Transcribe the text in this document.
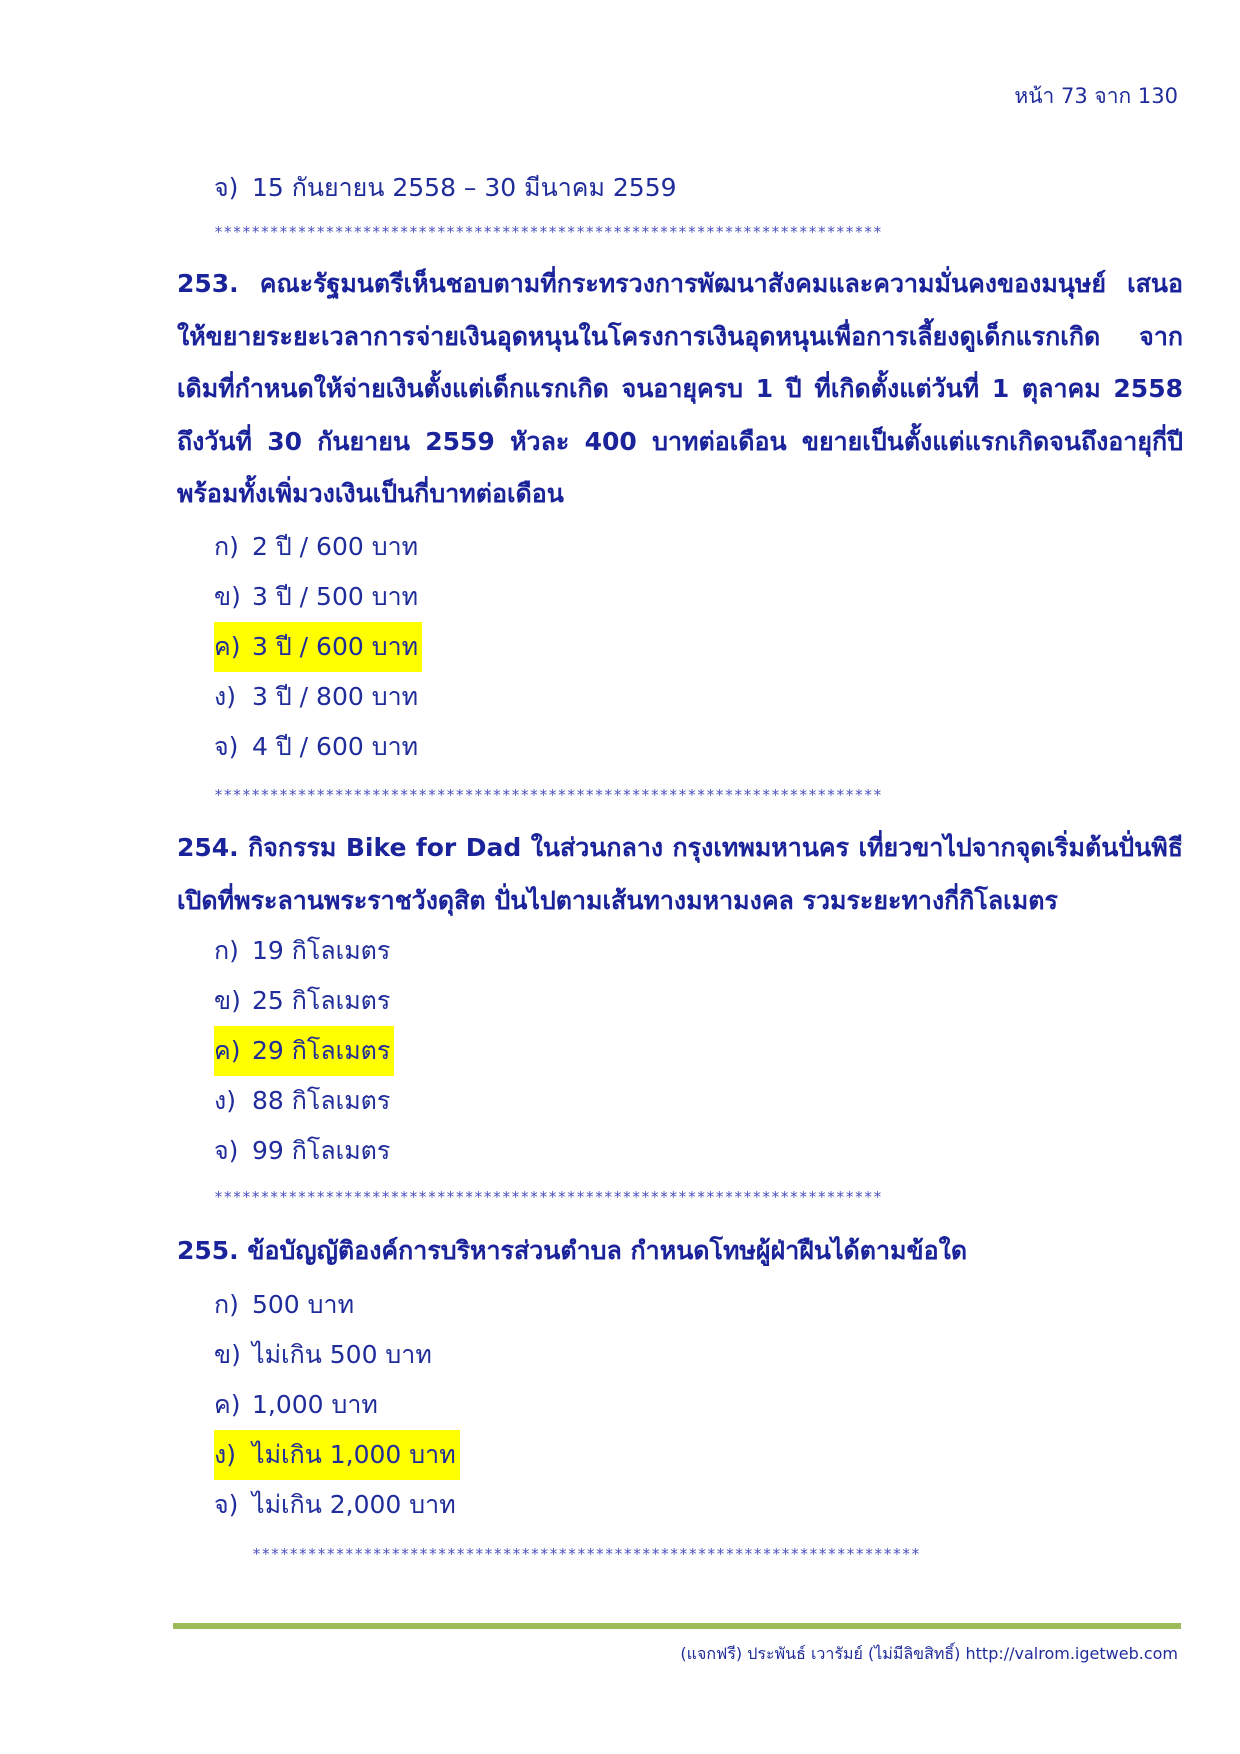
หน้า 73 จาก 130
จ) 15 กันยายน 2558 – 30 มีนาคม 2559
************************************************************************

253. คณะรัฐมนตรีเห็นชอบตามที่กระทรวงการพัฒนาสังคมและความมั่นคงของมนุษย์ เสนอ ให้ขยายระยะเวลาการจ่ายเงินอุดหนุนในโครงการเงินอุดหนุนเพื่อการเลี้ยงดูเด็กแรกเกิด จากเดิมที่กำหนดให้จ่ายเงินตั้งแต่เด็กแรกเกิด จนอายุครบ 1 ปี ที่เกิดตั้งแต่วันที่ 1 ตุลาคม 2558 ถึงวันที่ 30 กันยายน 2559 หัวละ 400 บาทต่อเดือน ขยายเป็นตั้งแต่แรกเกิดจนถึงอายุกี่ปี พร้อมทั้งเพิ่มวงเงินเป็นกี่บาทต่อเดือน

ก) 2 ปี / 600 บาท
ข) 3 ปี / 500 บาท
ค) 3 ปี / 600 บาท
ง) 3 ปี / 800 บาท
จ) 4 ปี / 600 บาท
************************************************************************

254. กิจกรรม Bike for Dad ในส่วนกลาง กรุงเทพมหานคร เที่ยวขาไปจากจุดเริ่มต้นปั่นพิธีเปิดที่พระลานพระราชวังดุสิต ปั่นไปตามเส้นทางมหามงคล รวมระยะทางกี่กิโลเมตร

ก) 19 กิโลเมตร
ข) 25 กิโลเมตร
ค) 29 กิโลเมตร
ง) 88 กิโลเมตร
จ) 99 กิโลเมตร
************************************************************************

255. ข้อบัญญัติองค์การบริหารส่วนตำบล กำหนดโทษผู้ฝ่าฝืนได้ตามข้อใด

ก) 500 บาท
ข) ไม่เกิน 500 บาท
ค) 1,000 บาท
ง) ไม่เกิน 1,000 บาท
จ) ไม่เกิน 2,000 บาท
************************************************************************
(แจกฟรี) ประพันธ์ เวารัมย์ (ไม่มีลิขสิทธิ์) http://valrom.igetweb.com
